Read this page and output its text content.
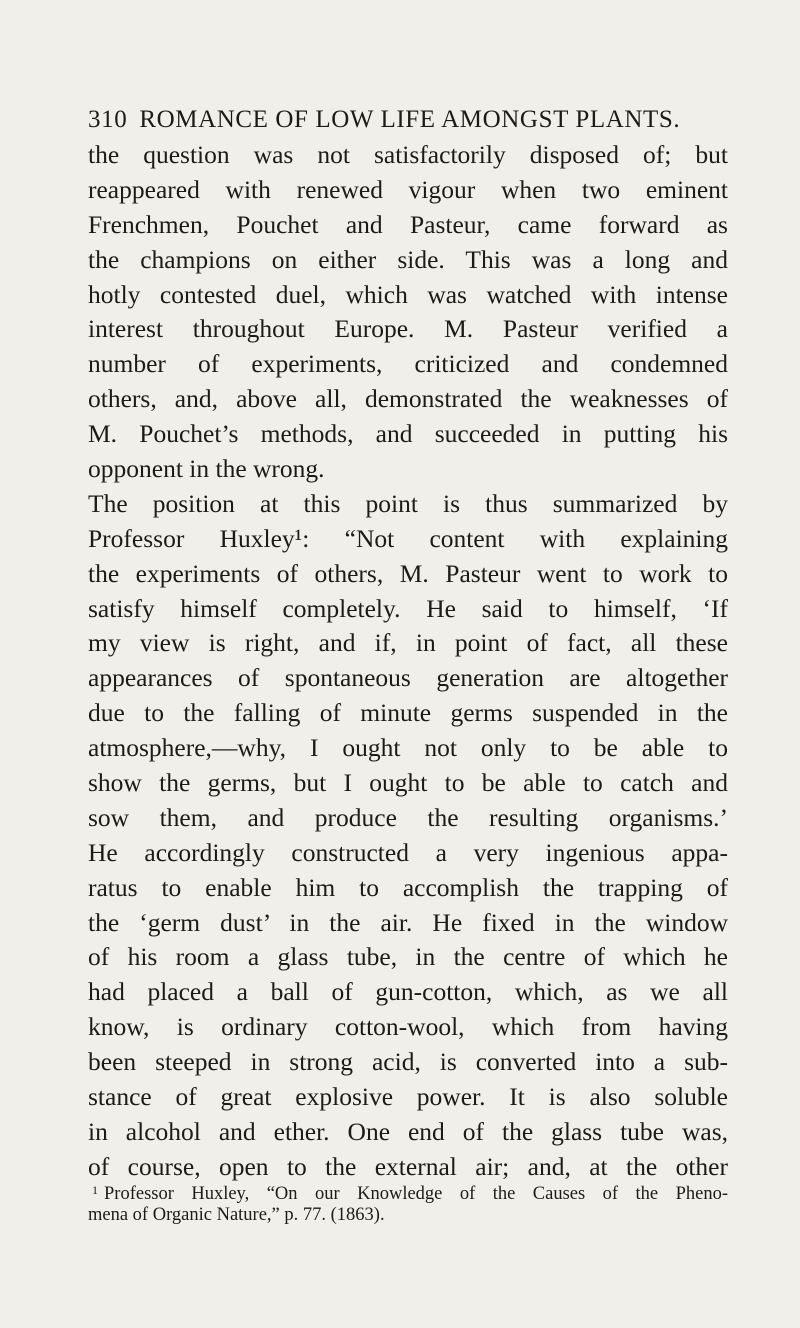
310 ROMANCE OF LOW LIFE AMONGST PLANTS.
the question was not satisfactorily disposed of; but
reappeared with renewed vigour when two eminent
Frenchmen, Pouchet and Pasteur, came forward as
the champions on either side. This was a long and
hotly contested duel, which was watched with intense
interest throughout Europe. M. Pasteur verified a
number of experiments, criticized and condemned
others, and, above all, demonstrated the weaknesses of
M. Pouchet’s methods, and succeeded in putting his
opponent in the wrong.
The position at this point is thus summarized by
Professor Huxley¹: “Not content with explaining
the experiments of others, M. Pasteur went to work to
satisfy himself completely. He said to himself, ‘If
my view is right, and if, in point of fact, all these
appearances of spontaneous generation are altogether
due to the falling of minute germs suspended in the
atmosphere,—why, I ought not only to be able to
show the germs, but I ought to be able to catch and
sow them, and produce the resulting organisms.’
He accordingly constructed a very ingenious appa-
ratus to enable him to accomplish the trapping of
the ‘germ dust’ in the air. He fixed in the window
of his room a glass tube, in the centre of which he
had placed a ball of gun-cotton, which, as we all
know, is ordinary cotton-wool, which from having
been steeped in strong acid, is converted into a sub-
stance of great explosive power. It is also soluble
in alcohol and ether. One end of the glass tube was,
of course, open to the external air; and, at the other
$^1$ Professor Huxley, “On our Knowledge of the Causes of the Pheno-
mena of Organic Nature,” p. 77. (1863).
